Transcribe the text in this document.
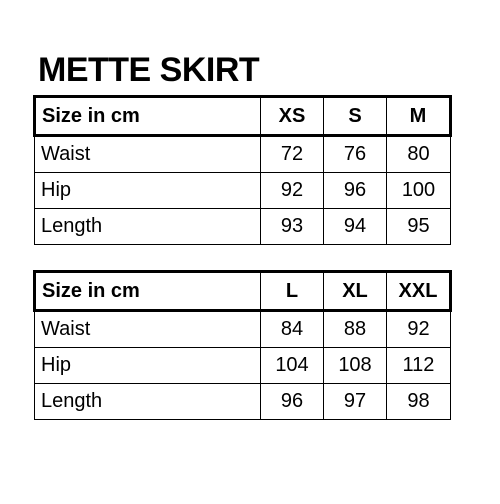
METTE SKIRT
Size in cm	XS	S	M
Waist	72	76	80
Hip	92	96	100
Length	93	94	95
Size in cm	L	XL	XXL
Waist	84	88	92
Hip	104	108	112
Length	96	97	98
